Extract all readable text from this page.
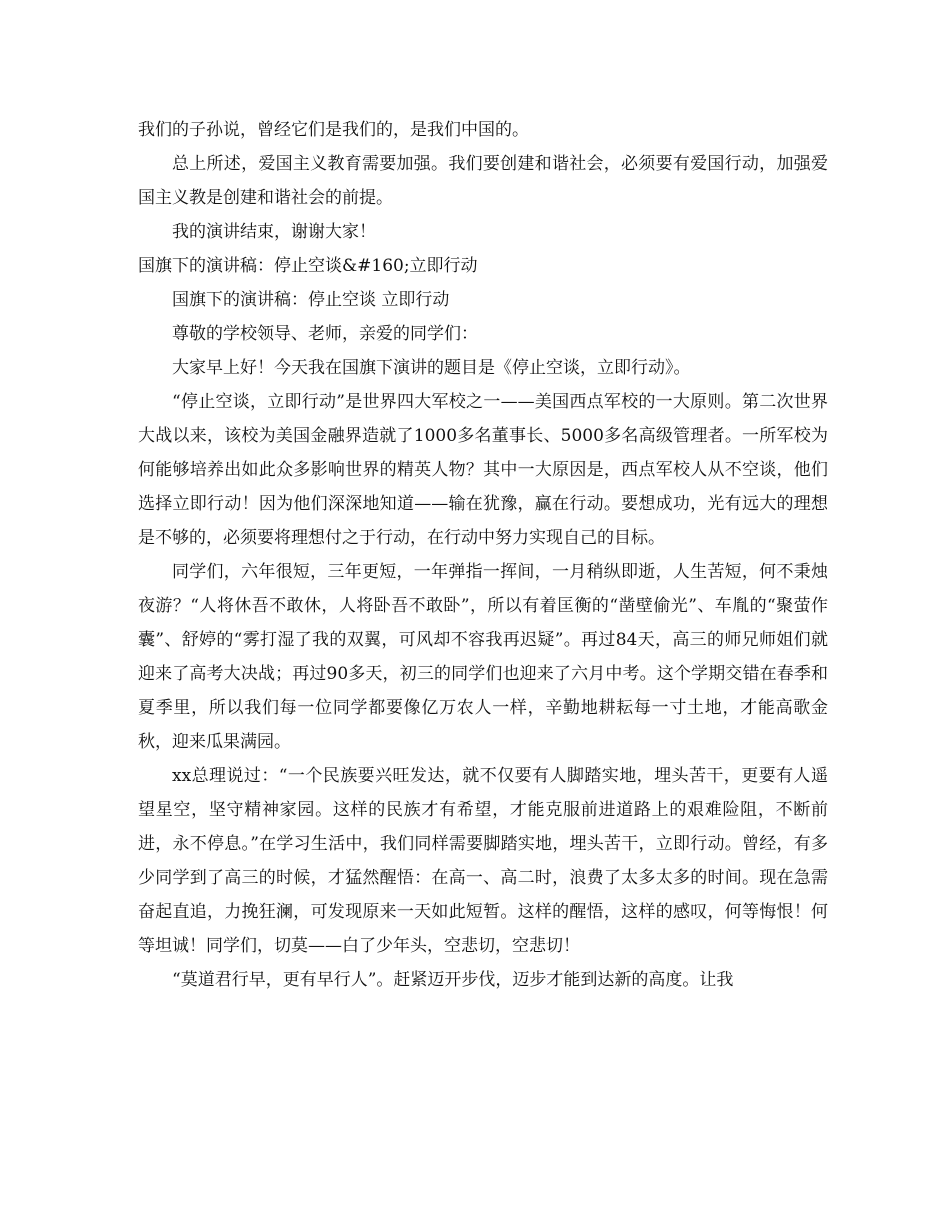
我们的子孙说，曾经它们是我们的，是我们中国的。

总上所述，爱国主义教育需要加强。我们要创建和谐社会，必须要有爱国行动，加强爱国主义教是创建和谐社会的前提。

我的演讲结束，谢谢大家！

国旗下的演讲稿：停止空谈&#160;立即行动

国旗下的演讲稿：停止空谈 立即行动

尊敬的学校领导、老师，亲爱的同学们：

大家早上好！今天我在国旗下演讲的题目是《停止空谈，立即行动》。

“停止空谈，立即行动”是世界四大军校之一——美国西点军校的一大原则。第二次世界大战以来，该校为美国金融界造就了1000多名董事长、5000多名高级管理者。一所军校为何能够培养出如此众多影响世界的精英人物？其中一大原因是，西点军校人从不空谈，他们选择立即行动！因为他们深深地知道——输在犹豫，赢在行动。要想成功，光有远大的理想是不够的，必须要将理想付之于行动，在行动中努力实现自己的目标。

同学们，六年很短，三年更短，一年弹指一挥间，一月稍纵即逝，人生苦短，何不秉烛夜游？“人将休吾不敢休，人将卧吾不敢卧”，所以有着匡衡的“凿壁偷光”、车胤的“聚萤作囊”、舒婷的“雾打湿了我的双翼，可风却不容我再迟疑”。再过84天，高三的师兄师姐们就迎来了高考大决战；再过90多天，初三的同学们也迎来了六月中考。这个学期交错在春季和夏季里，所以我们每一位同学都要像亿万农人一样，辛勤地耕耘每一寸土地，才能高歌金秋，迎来瓜果满园。

xx总理说过：“一个民族要兴旺发达，就不仅要有人脚踏实地，埋头苦干，更要有人遥望星空，坚守精神家园。这样的民族才有希望，才能克服前进道路上的艰难险阻，不断前进，永不停息。”在学习生活中，我们同样需要脚踏实地，埋头苦干，立即行动。曾经，有多少同学到了高三的时候，才猛然醒悟：在高一、高二时，浪费了太多太多的时间。现在急需奋起直追，力挽狂澜，可发现原来一天如此短暂。这样的醒悟，这样的感叹，何等悔恨！何等坦诚！同学们，切莫——白了少年头，空悲切，空悲切！

“莫道君行早，更有早行人”。赶紧迈开步伐，迈步才能到达新的高度。让我
